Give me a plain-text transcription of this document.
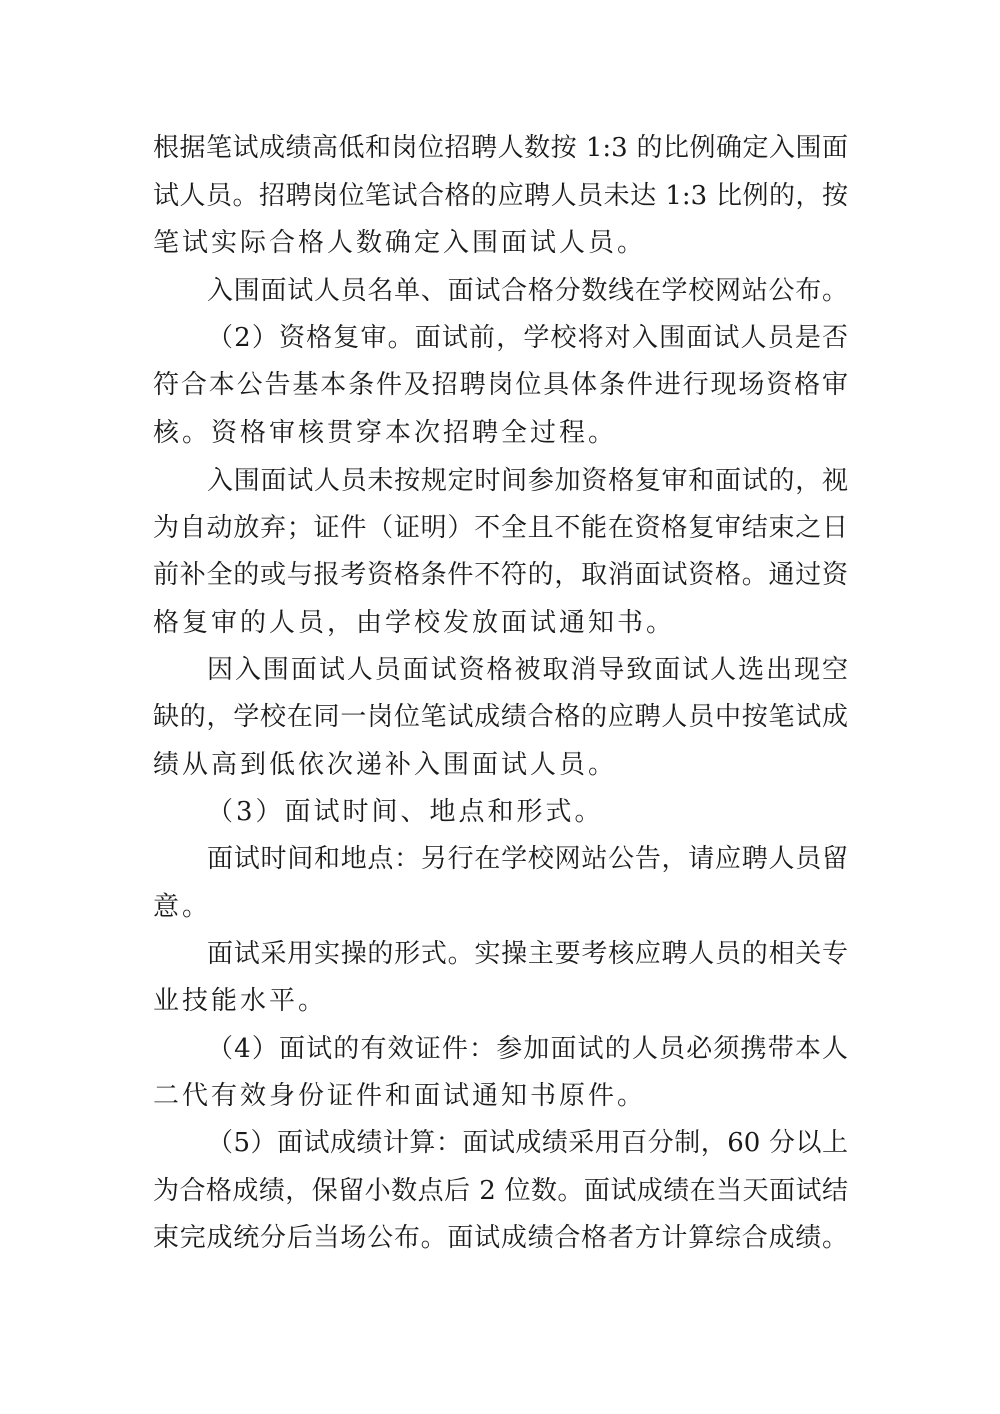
根据笔试成绩高低和岗位招聘人数按 1:3 的比例确定入围面
试人员。招聘岗位笔试合格的应聘人员未达 1:3 比例的，按
笔试实际合格人数确定入围面试人员。
入围面试人员名单、面试合格分数线在学校网站公布。
（2）资格复审。面试前，学校将对入围面试人员是否
符合本公告基本条件及招聘岗位具体条件进行现场资格审
核。资格审核贯穿本次招聘全过程。
入围面试人员未按规定时间参加资格复审和面试的，视
为自动放弃；证件（证明）不全且不能在资格复审结束之日
前补全的或与报考资格条件不符的，取消面试资格。通过资
格复审的人员，由学校发放面试通知书。
因入围面试人员面试资格被取消导致面试人选出现空
缺的，学校在同一岗位笔试成绩合格的应聘人员中按笔试成
绩从高到低依次递补入围面试人员。
（3）面试时间、地点和形式。
面试时间和地点：另行在学校网站公告，请应聘人员留
意。
面试采用实操的形式。实操主要考核应聘人员的相关专
业技能水平。
（4）面试的有效证件：参加面试的人员必须携带本人
二代有效身份证件和面试通知书原件。
（5）面试成绩计算：面试成绩采用百分制，60 分以上
为合格成绩，保留小数点后 2 位数。面试成绩在当天面试结
束完成统分后当场公布。面试成绩合格者方计算综合成绩。
